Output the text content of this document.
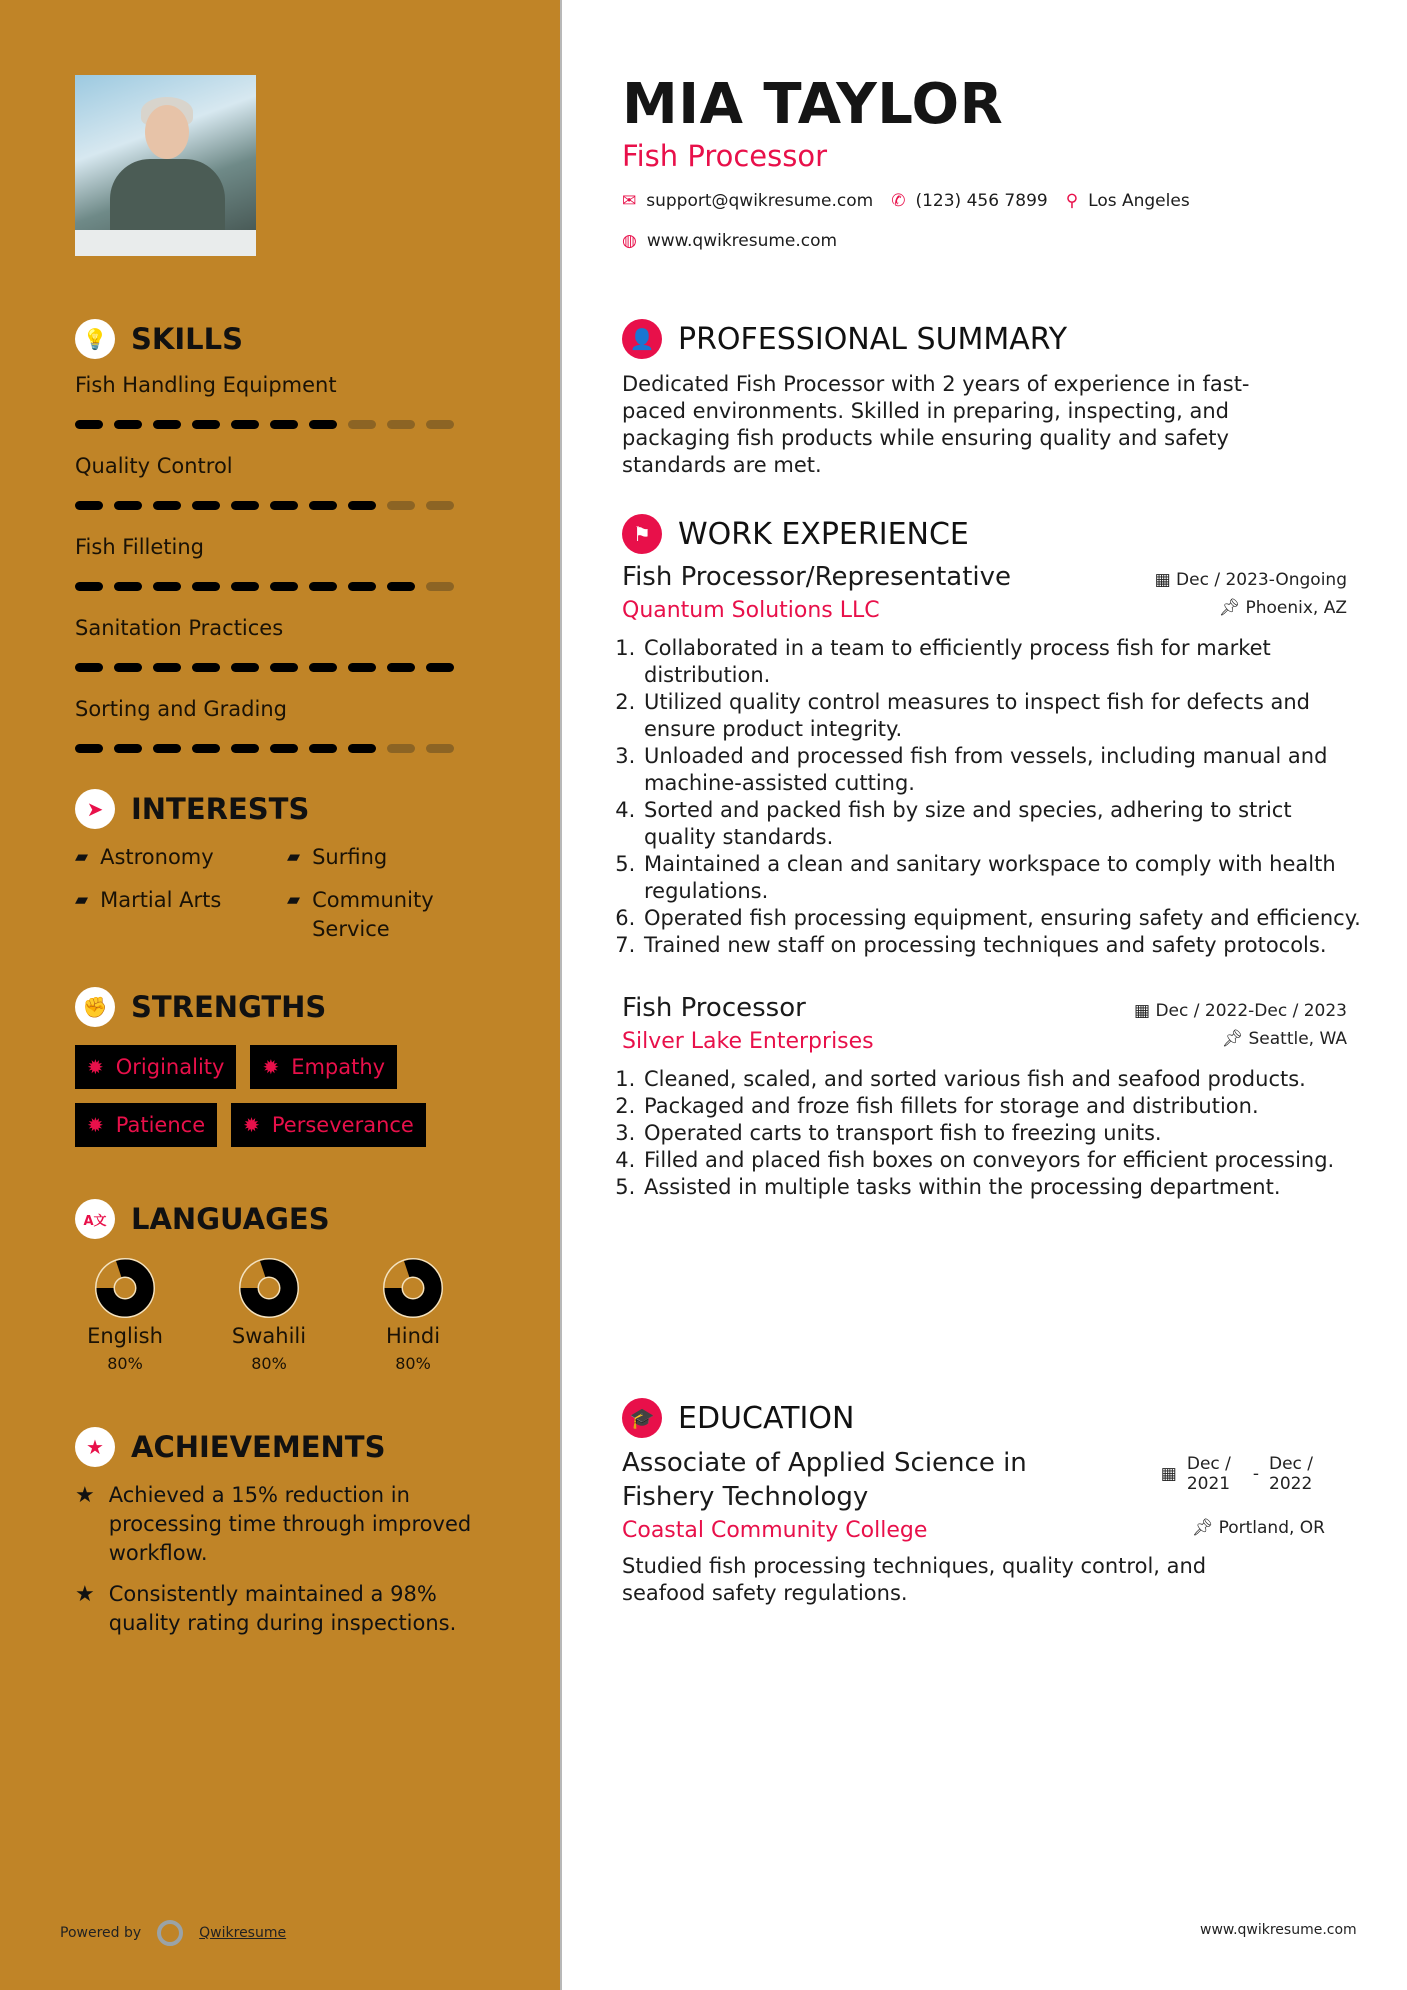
💡 SKILLS
Fish Handling Equipment
Quality Control
Fish Filleting
Sanitation Practices
Sorting and Grading
➤ INTERESTS
▰ Astronomy	▰ Surfing
▰ Martial Arts	▰ Community Service
✊ STRENGTHS
✹ Originality ✹ Empathy
✹ Patience ✹ Perseverance
A文 LANGUAGES
English
80%
Swahili
80%
Hindi
80%
★ ACHIEVEMENTS
★ Achieved a 15% reduction in processing time through improved workflow.
★ Consistently maintained a 98% quality rating during inspections.
Powered by	Qwikresume	www.qwikresume.com
MIA TAYLOR
Fish Processor
✉ support@qwikresume.com ✆ (123) 456 7899 ⚲ Los Angeles
◍ www.qwikresume.com
👤 PROFESSIONAL SUMMARY

Dedicated Fish Processor with 2 years of experience in fast-paced environments. Skilled in preparing, inspecting, and packaging fish products while ensuring quality and safety standards are met.

⚑ WORK EXPERIENCE
Fish Processor/Representative	▦ Dec / 2023-Ongoing
Quantum Solutions LLC	📌︎ Phoenix, AZ
1. Collaborated in a team to efficiently process fish for market distribution.
2. Utilized quality control measures to inspect fish for defects and ensure product integrity.
3. Unloaded and processed fish from vessels, including manual and machine-assisted cutting.
4. Sorted and packed fish by size and species, adhering to strict quality standards.
5. Maintained a clean and sanitary workspace to comply with health regulations.
6. Operated fish processing equipment, ensuring safety and efficiency.
7. Trained new staff on processing techniques and safety protocols.
Fish Processor	▦ Dec / 2022-Dec / 2023
Silver Lake Enterprises	📌︎ Seattle, WA
1. Cleaned, scaled, and sorted various fish and seafood products.
2. Packaged and froze fish fillets for storage and distribution.
3. Operated carts to transport fish to freezing units.
4. Filled and placed fish boxes on conveyors for efficient processing.
5. Assisted in multiple tasks within the processing department.
🎓 EDUCATION
Associate of Applied Science in Fishery Technology
▦ Dec / 2021	- Dec / 2022
Coastal Community College	📌︎ Portland, OR

Studied fish processing techniques, quality control, and seafood safety regulations.
